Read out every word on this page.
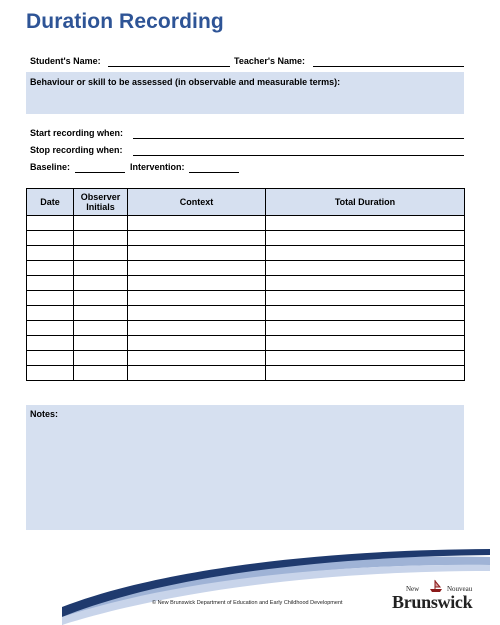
Duration Recording
Student's Name:	Teacher's Name:
Behaviour or skill to be assessed (in observable and measurable terms):
Start recording when:
Stop recording when:
Baseline:	Intervention:
Date	Observer Initials	Context	Total Duration

Notes:
© New Brunswick Department of Education and Early Childhood Development
New	Nouveau
Brunswick
